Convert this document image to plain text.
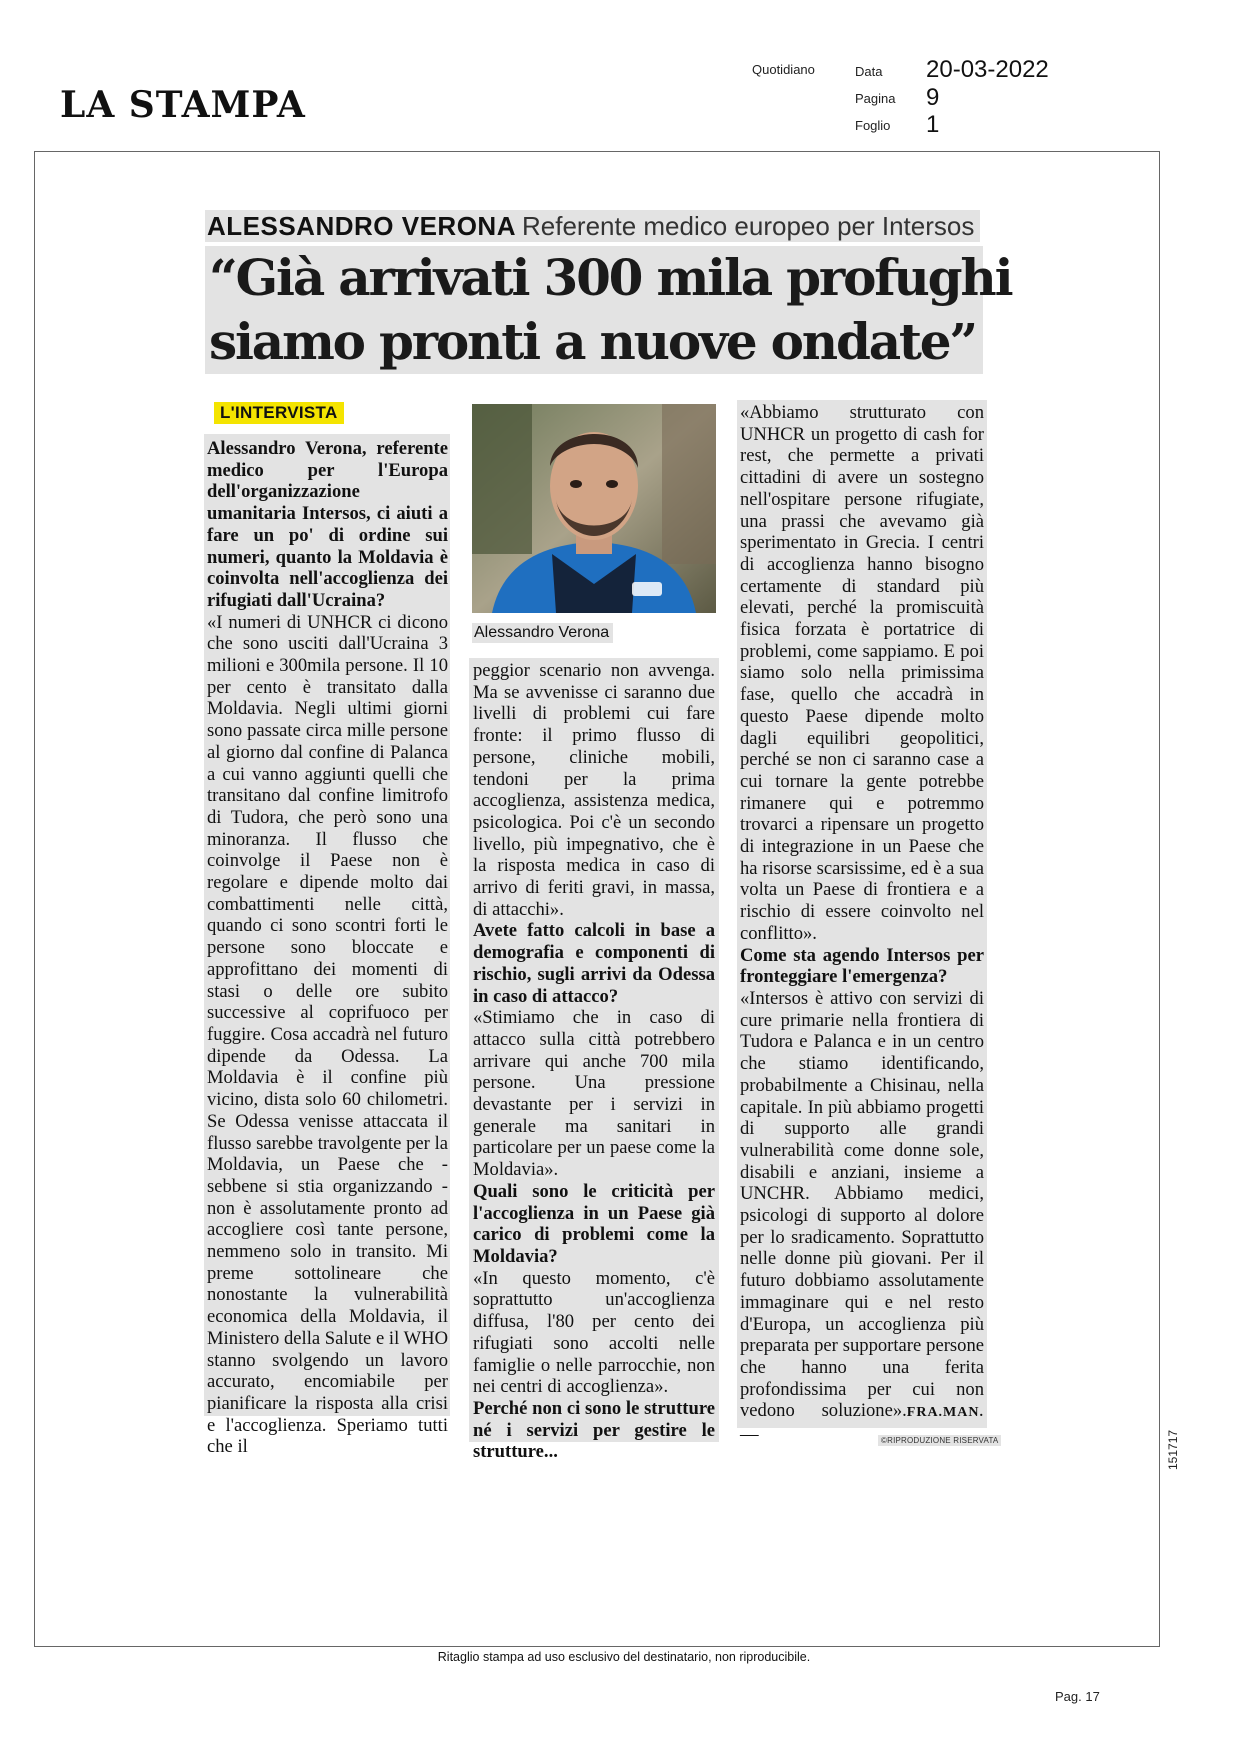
LA STAMPA
Quotidiano	Data
Pagina
Foglio
20-03-2022
9
1
ALESSANDRO VERONA Referente medico europeo per Intersos
“Già arrivati 300 mila profughi
siamo pronti a nuove ondate”
L'INTERVISTA

Alessandro Verona, referente medico per l'Europa dell'organizzazione umanitaria Intersos, ci aiuti a fare un po' di ordine sui numeri, quanto la Moldavia è coinvolta nell'accoglienza dei rifugiati dall'Ucraina?

«I numeri di UNHCR ci dicono che sono usciti dall'Ucraina 3 milioni e 300mila persone. Il 10 per cento è transitato dalla Moldavia. Negli ultimi giorni sono passate circa mille persone al giorno dal confine di Palanca a cui vanno aggiunti quelli che transitano dal confine limitrofo di Tudora, che però sono una minoranza. Il flusso che coinvolge il Paese non è regolare e dipende molto dai combattimenti nelle città, quando ci sono scontri forti le persone sono bloccate e approfittano dei momenti di stasi o delle ore subito successive al coprifuoco per fuggire. Cosa accadrà nel futuro dipende da Odessa. La Moldavia è il confine più vicino, dista solo 60 chilometri. Se Odessa venisse attaccata il flusso sarebbe travolgente per la Moldavia, un Paese che - sebbene si stia organizzando - non è assolutamente pronto ad accogliere così tante persone, nemmeno solo in transito. Mi preme sottolineare che nonostante la vulnerabilità economica della Moldavia, il Ministero della Salute e il WHO stanno svolgendo un lavoro accurato, encomiabile per pianificare la risposta alla crisi e l'accoglienza. Speriamo tutti che il

Alessandro Verona

peggior scenario non avvenga. Ma se avvenisse ci saranno due livelli di problemi cui fare fronte: il primo flusso di persone, cliniche mobili, tendoni per la prima accoglienza, assistenza medica, psicologica. Poi c'è un secondo livello, più impegnativo, che è la risposta medica in caso di arrivo di feriti gravi, in massa, di attacchi».

Avete fatto calcoli in base a demografia e componenti di rischio, sugli arrivi da Odessa in caso di attacco?

«Stimiamo che in caso di attacco sulla città potrebbero arrivare qui anche 700 mila persone. Una pressione devastante per i servizi in generale ma sanitari in particolare per un paese come la Moldavia».

Quali sono le criticità per l'accoglienza in un Paese già carico di problemi come la Moldavia?

«In questo momento, c'è soprattutto un'accoglienza diffusa, l'80 per cento dei rifugiati sono accolti nelle famiglie o nelle parrocchie, non nei centri di accoglienza».

Perché non ci sono le strutture né i servizi per gestire le strutture...

«Abbiamo strutturato con UNHCR un progetto di cash for rest, che permette a privati cittadini di avere un sostegno nell'ospitare persone rifugiate, una prassi che avevamo già sperimentato in Grecia. I centri di accoglienza hanno bisogno certamente di standard più elevati, perché la promiscuità fisica forzata è portatrice di problemi, come sappiamo. E poi siamo solo nella primissima fase, quello che accadrà in questo Paese dipende molto dagli equilibri geopolitici, perché se non ci saranno case a cui tornare la gente potrebbe rimanere qui e potremmo trovarci a ripensare un progetto di integrazione in un Paese che ha risorse scarsissime, ed è a sua volta un Paese di frontiera e a rischio di essere coinvolto nel conflitto».

Come sta agendo Intersos per fronteggiare l'emergenza?

«Intersos è attivo con servizi di cure primarie nella frontiera di Tudora e Palanca e in un centro che stiamo identificando, probabilmente a Chisinau, nella capitale. In più abbiamo progetti di supporto alle grandi vulnerabilità come donne sole, disabili e anziani, insieme a UNCHR. Abbiamo medici, psicologi di supporto al dolore per lo sradicamento. Soprattutto nelle donne più giovani. Per il futuro dobbiamo assolutamente immaginare qui e nel resto d'Europa, un accoglienza più preparata per supportare persone che hanno una ferita profondissima per cui non vedono soluzione».FRA.MAN. —	©RIPRODUZIONE RISERVATA	151717
Ritaglio stampa ad uso esclusivo del destinatario, non riproducibile.
Pag. 17
